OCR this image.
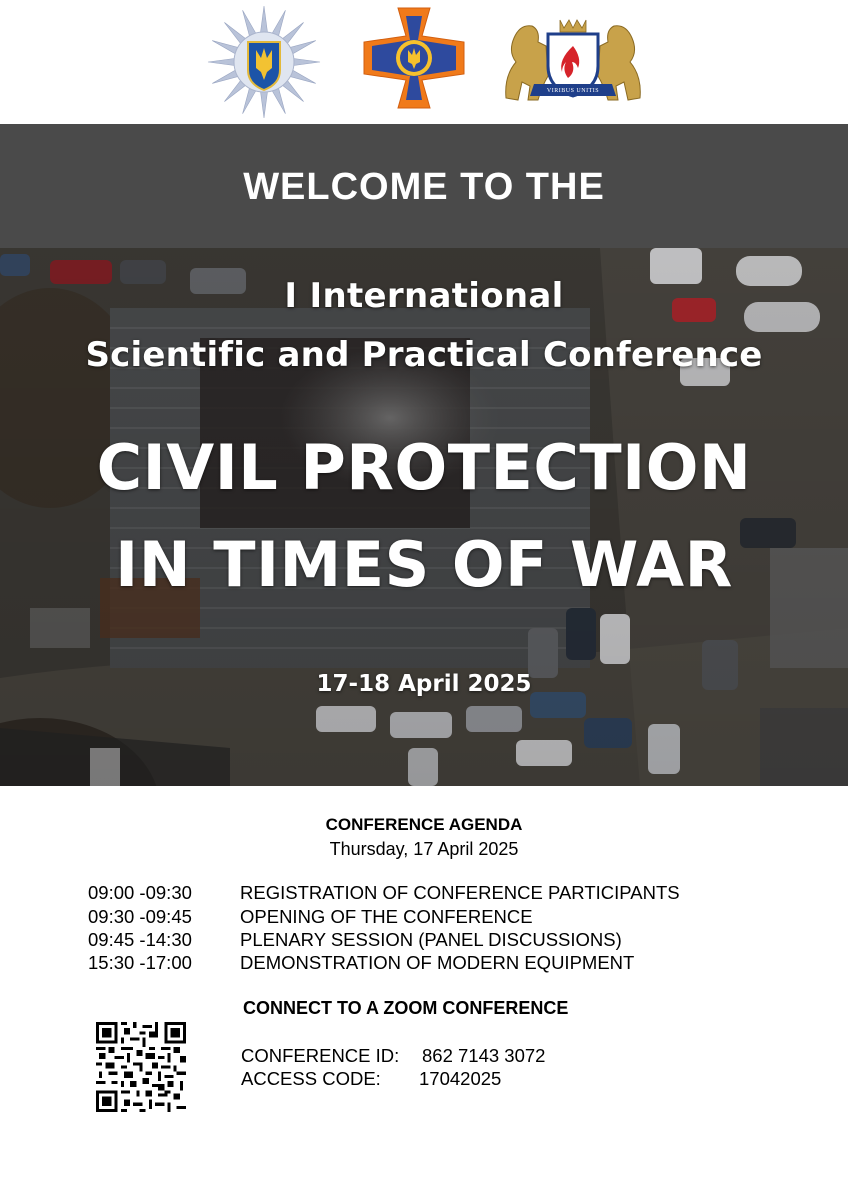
VIRIBUS UNITIS
WELCOME TO THE
I International
Scientific and Practical Conference
CIVIL PROTECTION
IN TIMES OF WAR
17-18 April 2025
CONFERENCE AGENDA
Thursday, 17 April 2025
09:00 -09:30	REGISTRATION OF CONFERENCE PARTICIPANTS
09:30 -09:45	OPENING OF THE CONFERENCE
09:45 -14:30	PLENARY SESSION (PANEL DISCUSSIONS)
15:30 -17:00	DEMONSTRATION OF MODERN EQUIPMENT
CONNECT TO A ZOOM CONFERENCE
CONFERENCE ID: 862 7143 3072
ACCESS CODE: 17042025
